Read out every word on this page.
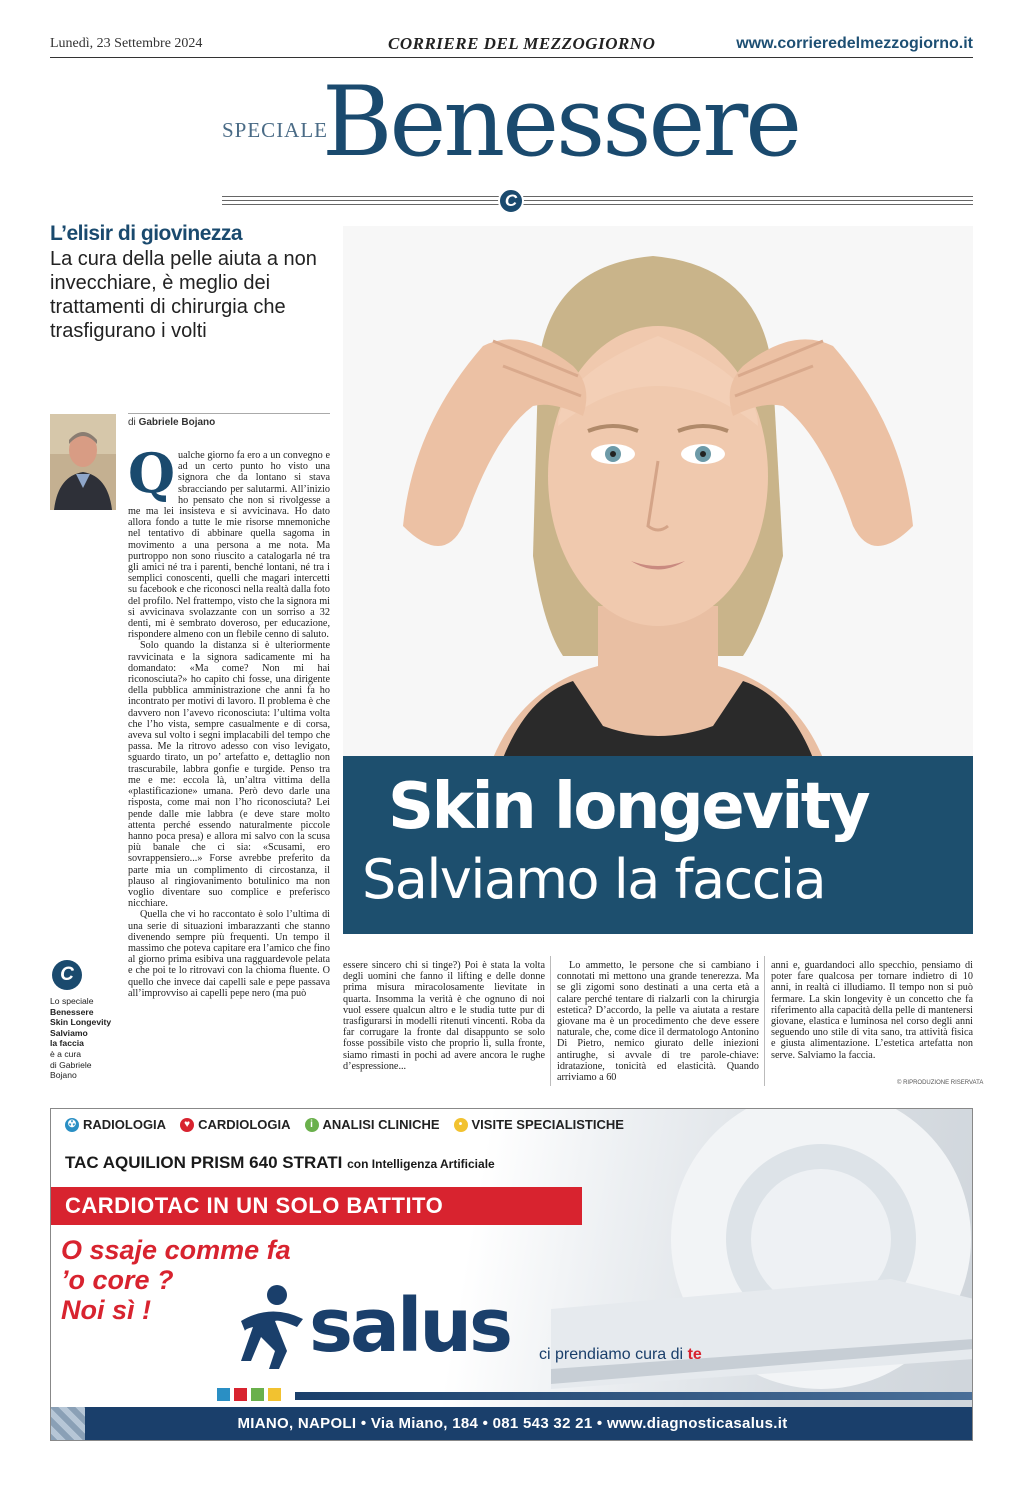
Lunedì, 23 Settembre 2024	CORRIERE DEL MEZZOGIORNO	www.corrieredelmezzogiorno.it
SPECIALE
Benessere
C
L’elisir di giovinezza
La cura della pelle aiuta a non invecchiare, è meglio dei trattamenti di chirurgia che trasfigurano i volti
di Gabriele Bojano
Q ualche giorno fa ero a un convegno e ad un certo punto ho visto una signora che da lontano si stava sbracciando per salutarmi. All’inizio ho pensato che non si rivolgesse a me ma lei insisteva e si avvicinava. Ho dato allora fondo a tutte le mie risorse mnemoniche nel tentativo di abbinare quella sagoma in movimento a una persona a me nota. Ma purtroppo non sono riuscito a catalogarla né tra gli amici né tra i parenti, benché lontani, né tra i semplici conoscenti, quelli che magari intercetti su facebook e che riconosci nella realtà dalla foto del profilo. Nel frattempo, visto che la signora mi si avvicinava svolazzante con un sorriso a 32 denti, mi è sembrato doveroso, per educazione, rispondere almeno con un flebile cenno di saluto.

Solo quando la distanza si è ulteriormente ravvicinata e la signora sadicamente mi ha domandato: «Ma come? Non mi hai riconosciuta?» ho capito chi fosse, una dirigente della pubblica amministrazione che anni fa ho incontrato per motivi di lavoro. Il problema è che davvero non l’avevo riconosciuta: l’ultima volta che l’ho vista, sempre casualmente e di corsa, aveva sul volto i segni implacabili del tempo che passa. Me la ritrovo adesso con viso levigato, sguardo tirato, un po’ artefatto e, dettaglio non trascurabile, labbra gonfie e turgide. Penso tra me e me: eccola là, un’altra vittima della «plastificazione» umana. Però devo darle una risposta, come mai non l’ho riconosciuta? Lei pende dalle mie labbra (e deve stare molto attenta perché essendo naturalmente piccole hanno poca presa) e allora mi salvo con la scusa più banale che ci sia: «Scusami, ero sovrappensiero...» Forse avrebbe preferito da parte mia un complimento di circostanza, il plauso al ringiovanimento botulinico ma non voglio diventare suo complice e preferisco nicchiare.

Quella che vi ho raccontato è solo l’ultima di una serie di situazioni imbarazzanti che stanno divenendo sempre più frequenti. Un tempo il massimo che poteva capitare era l’amico che fino al giorno prima esibiva una ragguardevole pelata e che poi te lo ritrovavi con la chioma fluente. O quello che invece dai capelli sale e pepe passava all’improvviso ai capelli pepe nero (ma può

C
Lo speciale
Benessere
Skin Longevity
Salviamo
la faccia
è a cura
di Gabriele
Bojano
Skin longevity
Salviamo la faccia
essere sincero chi si tinge?) Poi è stata la volta degli uomini che fanno il lifting e delle donne prima misura miracolosamente lievitate in quarta. Insomma la verità è che ognuno di noi vuol essere qualcun altro e le studia tutte pur di trasfigurarsi in modelli ritenuti vincenti. Roba da far corrugare la fronte dal disappunto se solo fosse possibile visto che proprio lì, sulla fronte, siamo rimasti in pochi ad avere ancora le rughe d’espressione...
Lo ammetto, le persone che si cambiano i connotati mi mettono una grande tenerezza. Ma se gli zigomi sono destinati a una certa età a calare perché tentare di rialzarli con la chirurgia estetica? D’accordo, la pelle va aiutata a restare giovane ma è un procedimento che deve essere naturale, che, come dice il dermatologo Antonino Di Pietro, nemico giurato delle iniezioni antirughe, si avvale di tre parole-chiave: idratazione, tonicità ed elasticità. Quando arriviamo a 60
anni e, guardandoci allo specchio, pensiamo di poter fare qualcosa per tornare indietro di 10 anni, in realtà ci illudiamo. Il tempo non si può fermare. La skin longevity è un concetto che fa riferimento alla capacità della pelle di mantenersi giovane, elastica e luminosa nel corso degli anni seguendo uno stile di vita sano, tra attività fisica e giusta alimentazione. L’estetica artefatta non serve. Salviamo la faccia.
© RIPRODUZIONE RISERVATA
☢ RADIOLOGIA	♥ CARDIOLOGIA	i ANALISI CLINICHE	• VISITE SPECIALISTICHE
TAC AQUILION PRISM 640 STRATI con Intelligenza Artificiale
CARDIOTAC IN UN SOLO BATTITO
O ssaje comme fa
’o core ?
Noi sì !	salus ci prendiamo cura di te
MIANO, NAPOLI • Via Miano, 184 • 081 543 32 21 • www.diagnosticasalus.it
